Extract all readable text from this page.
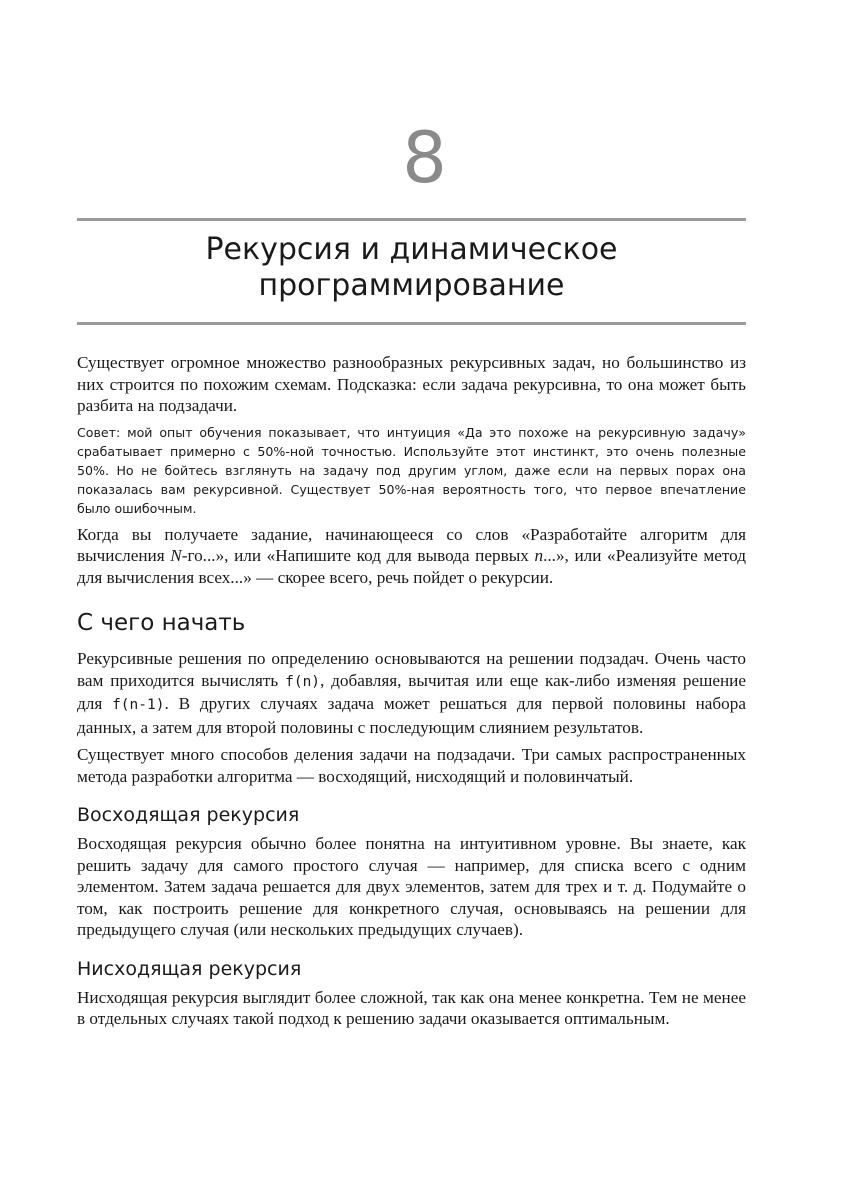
8
Рекурсия и динамическое
программирование

Существует огромное множество разнообразных рекурсивных задач, но большинство из них строится по похожим схемам. Подсказка: если задача рекурсивна, то она может быть разбита на подзадачи.

Совет: мой опыт обучения показывает, что интуиция «Да это похоже на рекурсивную задачу» срабатывает примерно с 50%-ной точностью. Используйте этот инстинкт, это очень полезные 50%. Но не бойтесь взглянуть на задачу под другим углом, даже если на первых порах она показалась вам рекурсивной. Существует 50%-ная вероятность того, что первое впечатление было ошибочным.

Когда вы получаете задание, начинающееся со слов «Разработайте алгоритм для вычисления N-го...», или «Напишите код для вывода первых n...», или «Реализуйте метод для вычисления всех...» — скорее всего, речь пойдет о рекурсии.

С чего начать

Рекурсивные решения по определению основываются на решении подзадач. Очень часто вам приходится вычислять f(n), добавляя, вычитая или еще как-либо изменяя решение для f(n-1). В других случаях задача может решаться для первой половины набора данных, а затем для второй половины с последующим слиянием результатов.

Существует много способов деления задачи на подзадачи. Три самых распространенных метода разработки алгоритма — восходящий, нисходящий и половинчатый.

Восходящая рекурсия

Восходящая рекурсия обычно более понятна на интуитивном уровне. Вы знаете, как решить задачу для самого простого случая — например, для списка всего с одним элементом. Затем задача решается для двух элементов, затем для трех и т. д. Подумайте о том, как построить решение для конкретного случая, основываясь на решении для предыдущего случая (или нескольких предыдущих случаев).

Нисходящая рекурсия

Нисходящая рекурсия выглядит более сложной, так как она менее конкретна. Тем не менее в отдельных случаях такой подход к решению задачи оказывается оптимальным.
